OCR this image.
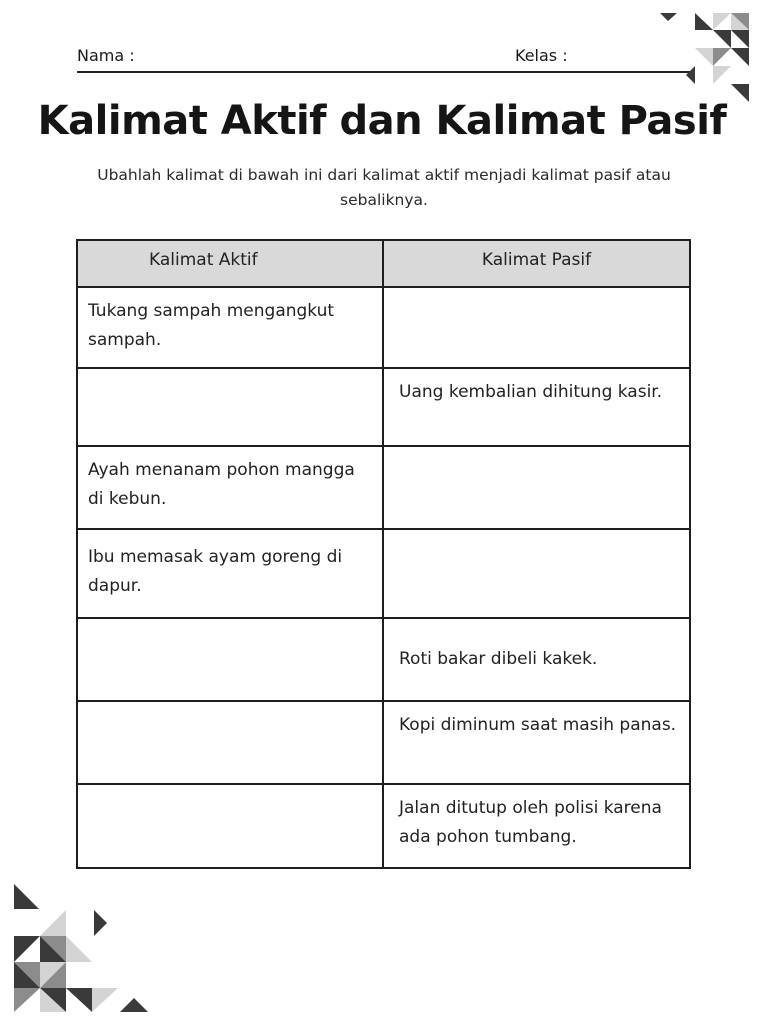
Nama :	Kelas :
Kalimat Aktif dan Kalimat Pasif
Ubahlah kalimat di bawah ini dari kalimat aktif menjadi kalimat pasif atau sebaliknya.
Kalimat Aktif	Kalimat Pasif

Tukang sampah mengangkut sampah.	
	Uang kembalian dihitung kasir.
Ayah menanam pohon mangga di kebun.	
Ibu memasak ayam goreng di dapur.	
	Roti bakar dibeli kakek.
	Kopi diminum saat masih panas.
	Jalan ditutup oleh polisi karena ada pohon tumbang.
